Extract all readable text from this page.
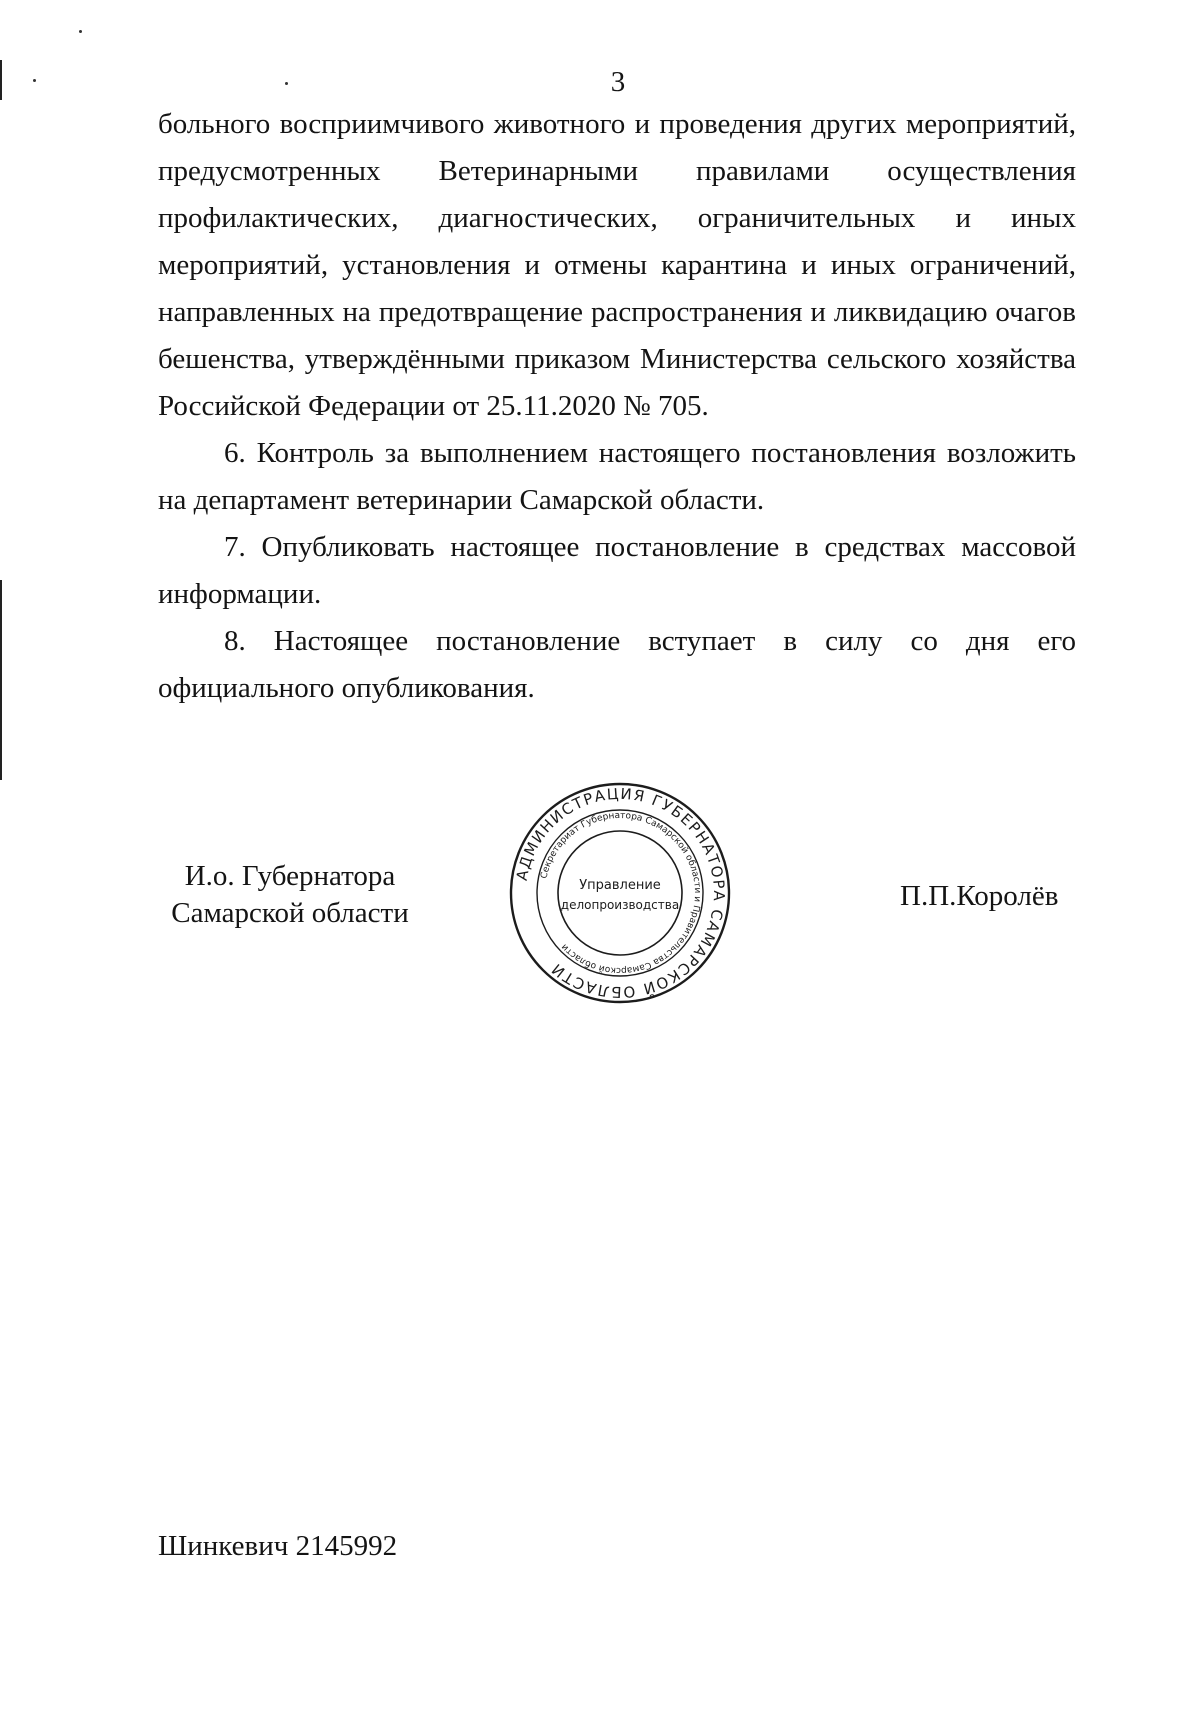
3

больного восприимчивого животного и проведения других мероприятий,
предусмотренных Ветеринарными правилами осуществления
профилактических, диагностических, ограничительных и иных
мероприятий, установления и отмены карантина и иных ограничений,
направленных на предотвращение распространения и ликвидацию очагов
бешенства, утверждёнными приказом Министерства сельского хозяйства
Российской Федерации от 25.11.2020 № 705.

6. Контроль за выполнением настоящего постановления возложить на департамент ветеринарии Самарской области.

7. Опубликовать настоящее постановление в средствах массовой информации.

8. Настоящее постановление вступает в силу со дня его официального опубликования.

И.о. Губернатора
Самарской области
АДМИНИСТРАЦИЯ ГУБЕРНАТОРА САМАРСКОЙ ОБЛАСТИ
Секретариат Губернатора Самарской области и Правительства Самарской области
Управление
делопроизводства	П.П.Королёв
Шинкевич 2145992
